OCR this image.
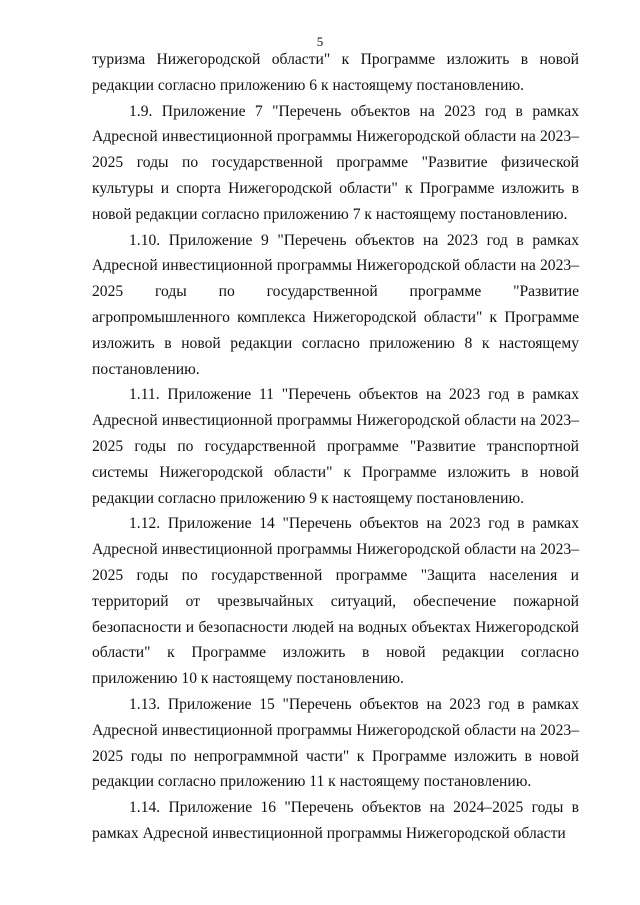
5

туризма Нижегородской области" к Программе изложить в новой редакции согласно приложению 6 к настоящему постановлению.

1.9. Приложение 7 "Перечень объектов на 2023 год в рамках Адресной инвестиционной программы Нижегородской области на 2023–2025 годы по государственной программе "Развитие физической культуры и спорта Нижегородской области" к Программе изложить в новой редакции согласно приложению 7 к настоящему постановлению.

1.10. Приложение 9 "Перечень объектов на 2023 год в рамках Адресной инвестиционной программы Нижегородской области на 2023–2025 годы по государственной программе "Развитие агропромышленного комплекса Нижегородской области" к Программе изложить в новой редакции согласно приложению 8 к настоящему постановлению.

1.11. Приложение 11 "Перечень объектов на 2023 год в рамках Адресной инвестиционной программы Нижегородской области на 2023–2025 годы по государственной программе "Развитие транспортной системы Нижегородской области" к Программе изложить в новой редакции согласно приложению 9 к настоящему постановлению.

1.12. Приложение 14 "Перечень объектов на 2023 год в рамках Адресной инвестиционной программы Нижегородской области на 2023–2025 годы по государственной программе "Защита населения и территорий от чрезвычайных ситуаций, обеспечение пожарной безопасности и безопасности людей на водных объектах Нижегородской области" к Программе изложить в новой редакции согласно приложению 10 к настоящему постановлению.

1.13. Приложение 15 "Перечень объектов на 2023 год в рамках Адресной инвестиционной программы Нижегородской области на 2023–2025 годы по непрограммной части" к Программе изложить в новой редакции согласно приложению 11 к настоящему постановлению.

1.14. Приложение 16 "Перечень объектов на 2024–2025 годы в рамках Адресной инвестиционной программы Нижегородской области
